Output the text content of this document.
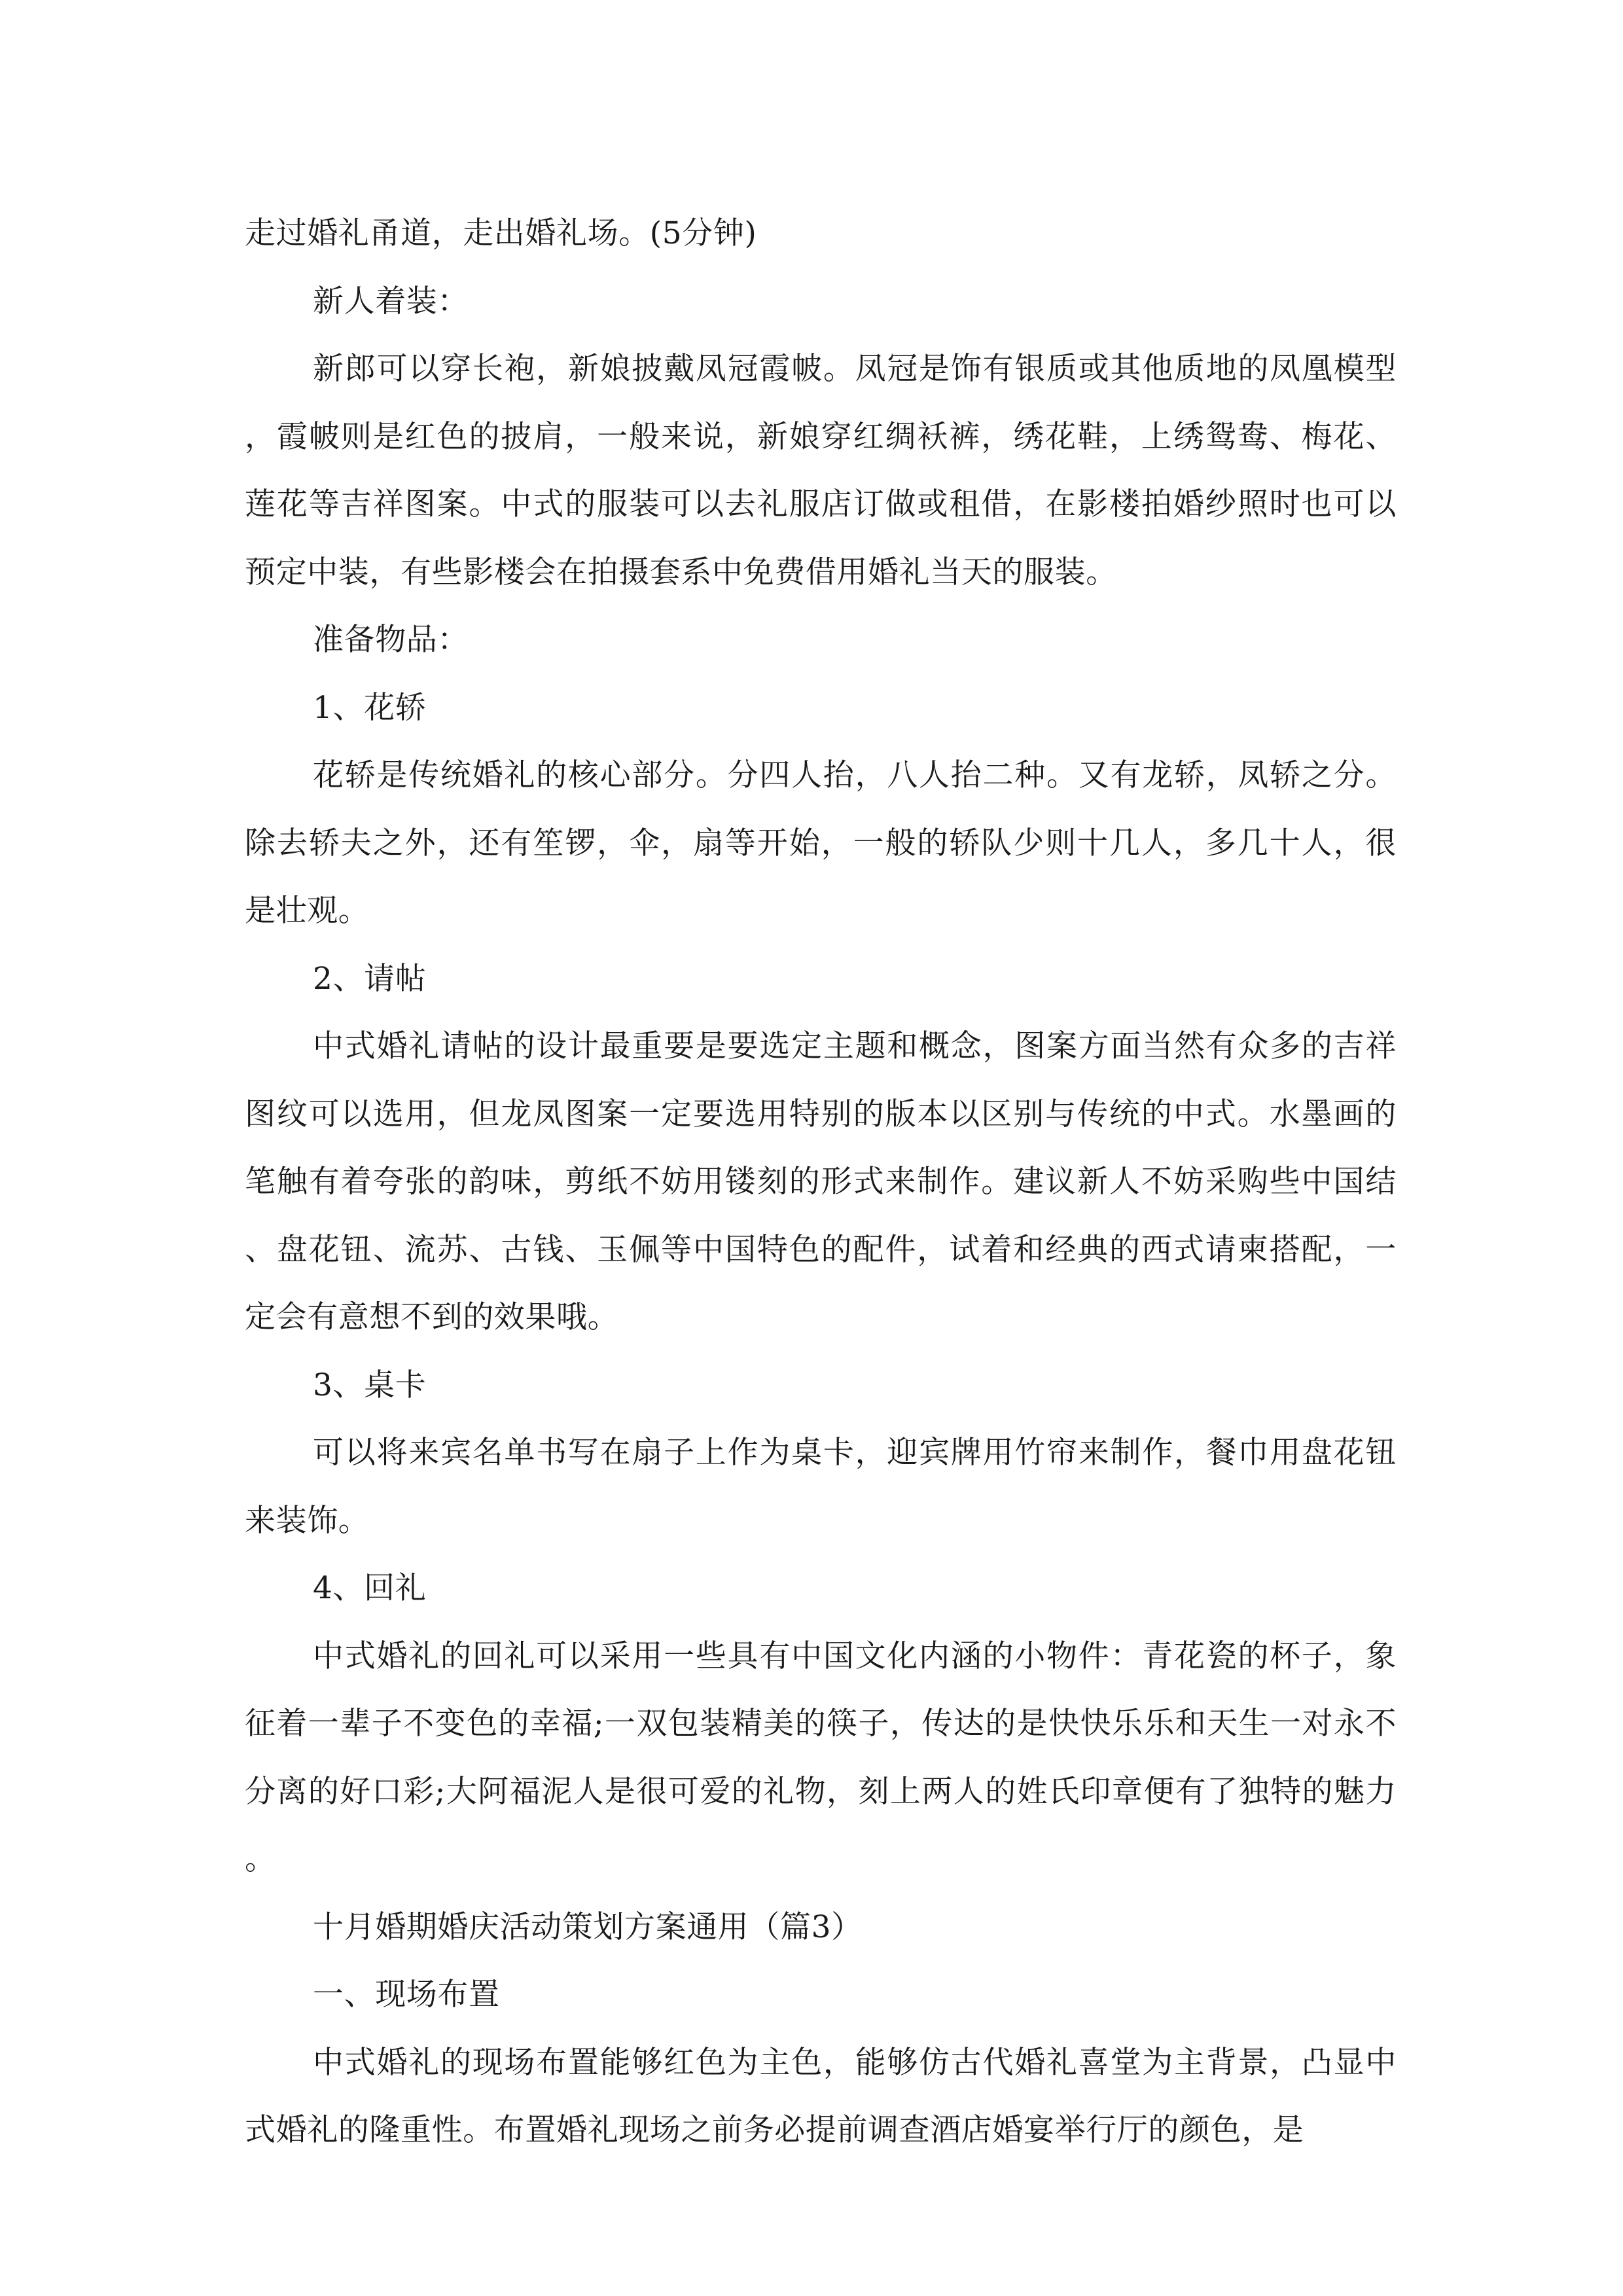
走过婚礼甬道，走出婚礼场。(5分钟)

新人着装：

新郎可以穿长袍，新娘披戴凤冠霞帔。凤冠是饰有银质或其他质地的凤凰模型，霞帔则是红色的披肩，一般来说，新娘穿红绸袄裤，绣花鞋，上绣鸳鸯、梅花、莲花等吉祥图案。中式的服装可以去礼服店订做或租借，在影楼拍婚纱照时也可以预定中装，有些影楼会在拍摄套系中免费借用婚礼当天的服装。

准备物品：

1、花轿

花轿是传统婚礼的核心部分。分四人抬，八人抬二种。又有龙轿，凤轿之分。除去轿夫之外，还有笙锣，伞，扇等开始，一般的轿队少则十几人，多几十人，很是壮观。

2、请帖

中式婚礼请帖的设计最重要是要选定主题和概念，图案方面当然有众多的吉祥图纹可以选用，但龙凤图案一定要选用特别的版本以区别与传统的中式。水墨画的笔触有着夸张的韵味，剪纸不妨用镂刻的形式来制作。建议新人不妨采购些中国结、盘花钮、流苏、古钱、玉佩等中国特色的配件，试着和经典的西式请柬搭配，一定会有意想不到的效果哦。

3、桌卡

可以将来宾名单书写在扇子上作为桌卡，迎宾牌用竹帘来制作，餐巾用盘花钮来装饰。

4、回礼

中式婚礼的回礼可以采用一些具有中国文化内涵的小物件：青花瓷的杯子，象征着一辈子不变色的幸福;一双包装精美的筷子，传达的是快快乐乐和天生一对永不分离的好口彩;大阿福泥人是很可爱的礼物，刻上两人的姓氏印章便有了独特的魅力。

十月婚期婚庆活动策划方案通用（篇3）

一、现场布置

中式婚礼的现场布置能够红色为主色，能够仿古代婚礼喜堂为主背景，凸显中式婚礼的隆重性。布置婚礼现场之前务必提前调查酒店婚宴举行厅的颜色，是
